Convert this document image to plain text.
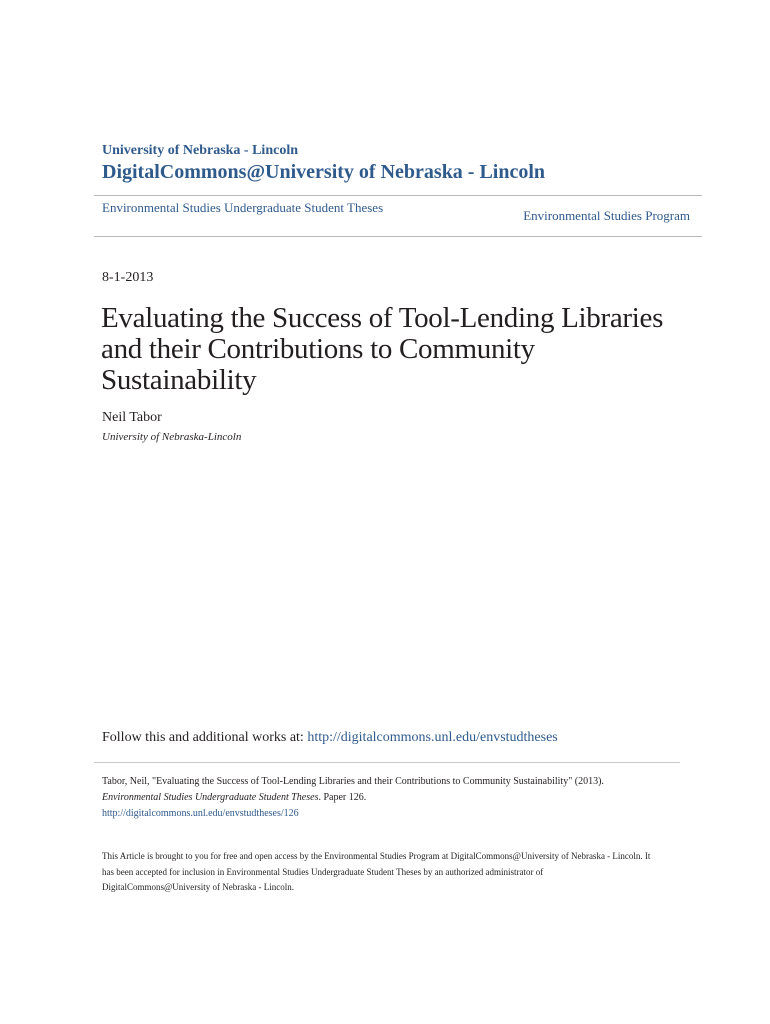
University of Nebraska - Lincoln
DigitalCommons@University of Nebraska - Lincoln
Environmental Studies Undergraduate Student Theses
Environmental Studies Program
8-1-2013
Evaluating the Success of Tool-Lending Libraries
and their Contributions to Community
Sustainability
Neil Tabor
University of Nebraska-Lincoln
Follow this and additional works at: http://digitalcommons.unl.edu/envstudtheses
Tabor, Neil, "Evaluating the Success of Tool-Lending Libraries and their Contributions to Community Sustainability" (2013).
Environmental Studies Undergraduate Student Theses. Paper 126.
http://digitalcommons.unl.edu/envstudtheses/126
This Article is brought to you for free and open access by the Environmental Studies Program at DigitalCommons@University of Nebraska - Lincoln. It
has been accepted for inclusion in Environmental Studies Undergraduate Student Theses by an authorized administrator of
DigitalCommons@University of Nebraska - Lincoln.
